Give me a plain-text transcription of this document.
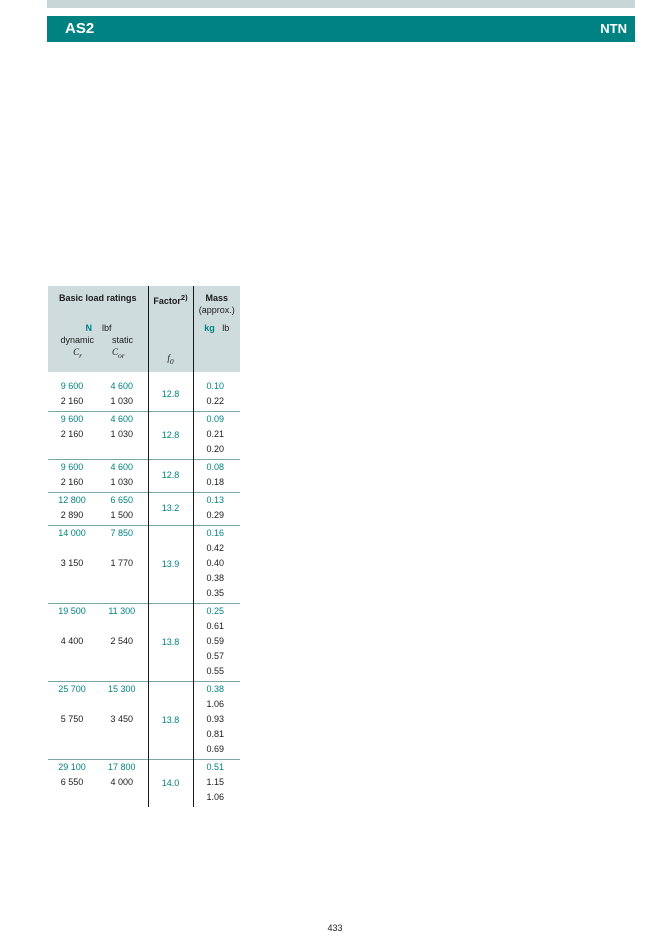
AS2	NTN
Basic load ratings		Factor$^{2)}$	Mass
(approx.)
N	lbf		kg lb
dynamic	static		
$C_r$	$C_{or}$	$f_0$	
9 600	4 600	12.8	0.10
2 160	1 030		0.22
9 600	4 600	12.8	0.09
2 160	1 030		0.21
			0.20
9 600	4 600	12.8	0.08
2 160	1 030		0.18
12 800	6 650	13.2	0.13
2 890	1 500		0.29
14 000	7 850	13.9	0.16
			0.42
3 150	1 770		0.40
			0.38
			0.35
19 500	11 300	13.8	0.25
			0.61
4 400	2 540		0.59
			0.57
			0.55
25 700	15 300	13.8	0.38
			1.06
5 750	3 450		0.93
			0.81
			0.69
29 100	17 800	14.0	0.51
6 550	4 000		1.15
			1.06
433
